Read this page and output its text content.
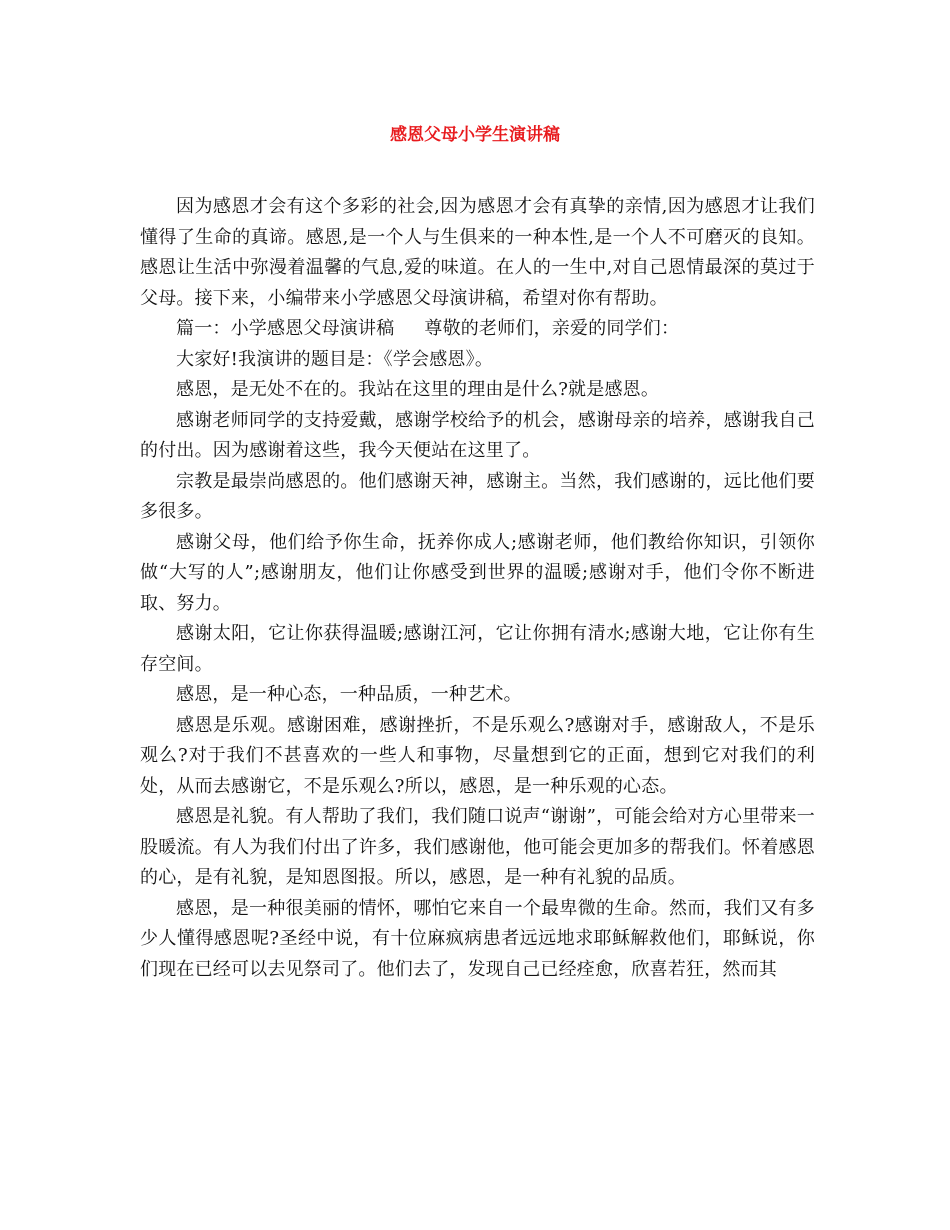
感恩父母小学生演讲稿

因为感恩才会有这个多彩的社会,因为感恩才会有真挚的亲情,因为感恩才让我们懂得了生命的真谛。感恩,是一个人与生俱来的一种本性,是一个人不可磨灭的良知。感恩让生活中弥漫着温馨的气息,爱的味道。在人的一生中,对自己恩情最深的莫过于父母。接下来，小编带来小学感恩父母演讲稿，希望对你有帮助。

篇一：小学感恩父母演讲稿 尊敬的老师们，亲爱的同学们：

大家好!我演讲的题目是：《学会感恩》。

感恩，是无处不在的。我站在这里的理由是什么?就是感恩。

感谢老师同学的支持爱戴，感谢学校给予的机会，感谢母亲的培养，感谢我自己的付出。因为感谢着这些，我今天便站在这里了。

宗教是最崇尚感恩的。他们感谢天神，感谢主。当然，我们感谢的，远比他们要多很多。

感谢父母，他们给予你生命，抚养你成人;感谢老师，他们教给你知识，引领你做“大写的人”;感谢朋友，他们让你感受到世界的温暖;感谢对手，他们令你不断进取、努力。

感谢太阳，它让你获得温暖;感谢江河，它让你拥有清水;感谢大地，它让你有生存空间。

感恩，是一种心态，一种品质，一种艺术。

感恩是乐观。感谢困难，感谢挫折，不是乐观么?感谢对手，感谢敌人，不是乐观么?对于我们不甚喜欢的一些人和事物，尽量想到它的正面，想到它对我们的利处，从而去感谢它，不是乐观么?所以，感恩，是一种乐观的心态。

感恩是礼貌。有人帮助了我们，我们随口说声“谢谢”，可能会给对方心里带来一股暖流。有人为我们付出了许多，我们感谢他，他可能会更加多的帮我们。怀着感恩的心，是有礼貌，是知恩图报。所以，感恩，是一种有礼貌的品质。

感恩，是一种很美丽的情怀，哪怕它来自一个最卑微的生命。然而，我们又有多少人懂得感恩呢?圣经中说，有十位麻疯病患者远远地求耶稣解救他们，耶稣说，你们现在已经可以去见祭司了。他们去了，发现自己已经痊愈，欣喜若狂，然而其
